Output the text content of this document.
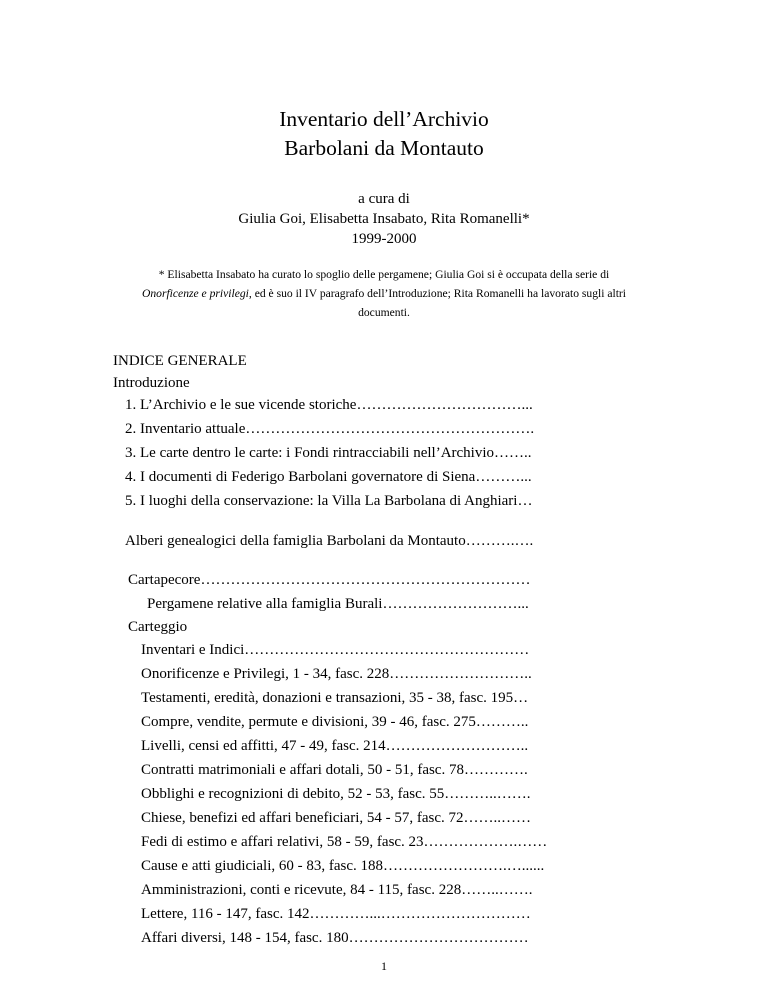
Inventario dell’Archivio
Barbolani da Montauto
a cura di
Giulia Goi, Elisabetta Insabato, Rita Romanelli*
1999-2000
* Elisabetta Insabato ha curato lo spoglio delle pergamene; Giulia Goi si è occupata della serie di
Onorficenze e privilegi, ed è suo il IV paragrafo dell’Introduzione; Rita Romanelli ha lavorato sugli altri
documenti.
INDICE GENERALE
Introduzione
1. L’Archivio e le sue vicende storiche……………………………...
2. Inventario attuale………………………………………………….
3. Le carte dentro le carte: i Fondi rintracciabili nell’Archivio……..
4. I documenti di Federigo Barbolani governatore di Siena………...
5. I luoghi della conservazione: la Villa La Barbolana di Anghiari…
Alberi genealogici della famiglia Barbolani da Montauto……….….
Cartapecore…………………………………………………………
Pergamene relative alla famiglia Burali………………………...
Carteggio
Inventari e Indici…………………………………………………
Onorificenze e Privilegi, 1 - 34, fasc. 228………………………..
Testamenti, eredità, donazioni e transazioni, 35 - 38, fasc. 195…
Compre, vendite, permute e divisioni, 39 - 46, fasc. 275………..
Livelli, censi ed affitti, 47 - 49, fasc. 214………………………..
Contratti matrimoniali e affari dotali, 50 - 51, fasc. 78………….
Obblighi e recognizioni di debito, 52 - 53, fasc. 55………..…….
Chiese, benefizi ed affari beneficiari, 54 - 57, fasc. 72……..……
Fedi di estimo e affari relativi, 58 - 59, fasc. 23……………….……
Cause e atti giudiciali, 60 - 83, fasc. 188…………………….…......
Amministrazioni, conti e ricevute, 84 - 115, fasc. 228……..…….
Lettere, 116 - 147, fasc. 142…………...…………………………
Affari diversi, 148 - 154, fasc. 180………………………………
1
